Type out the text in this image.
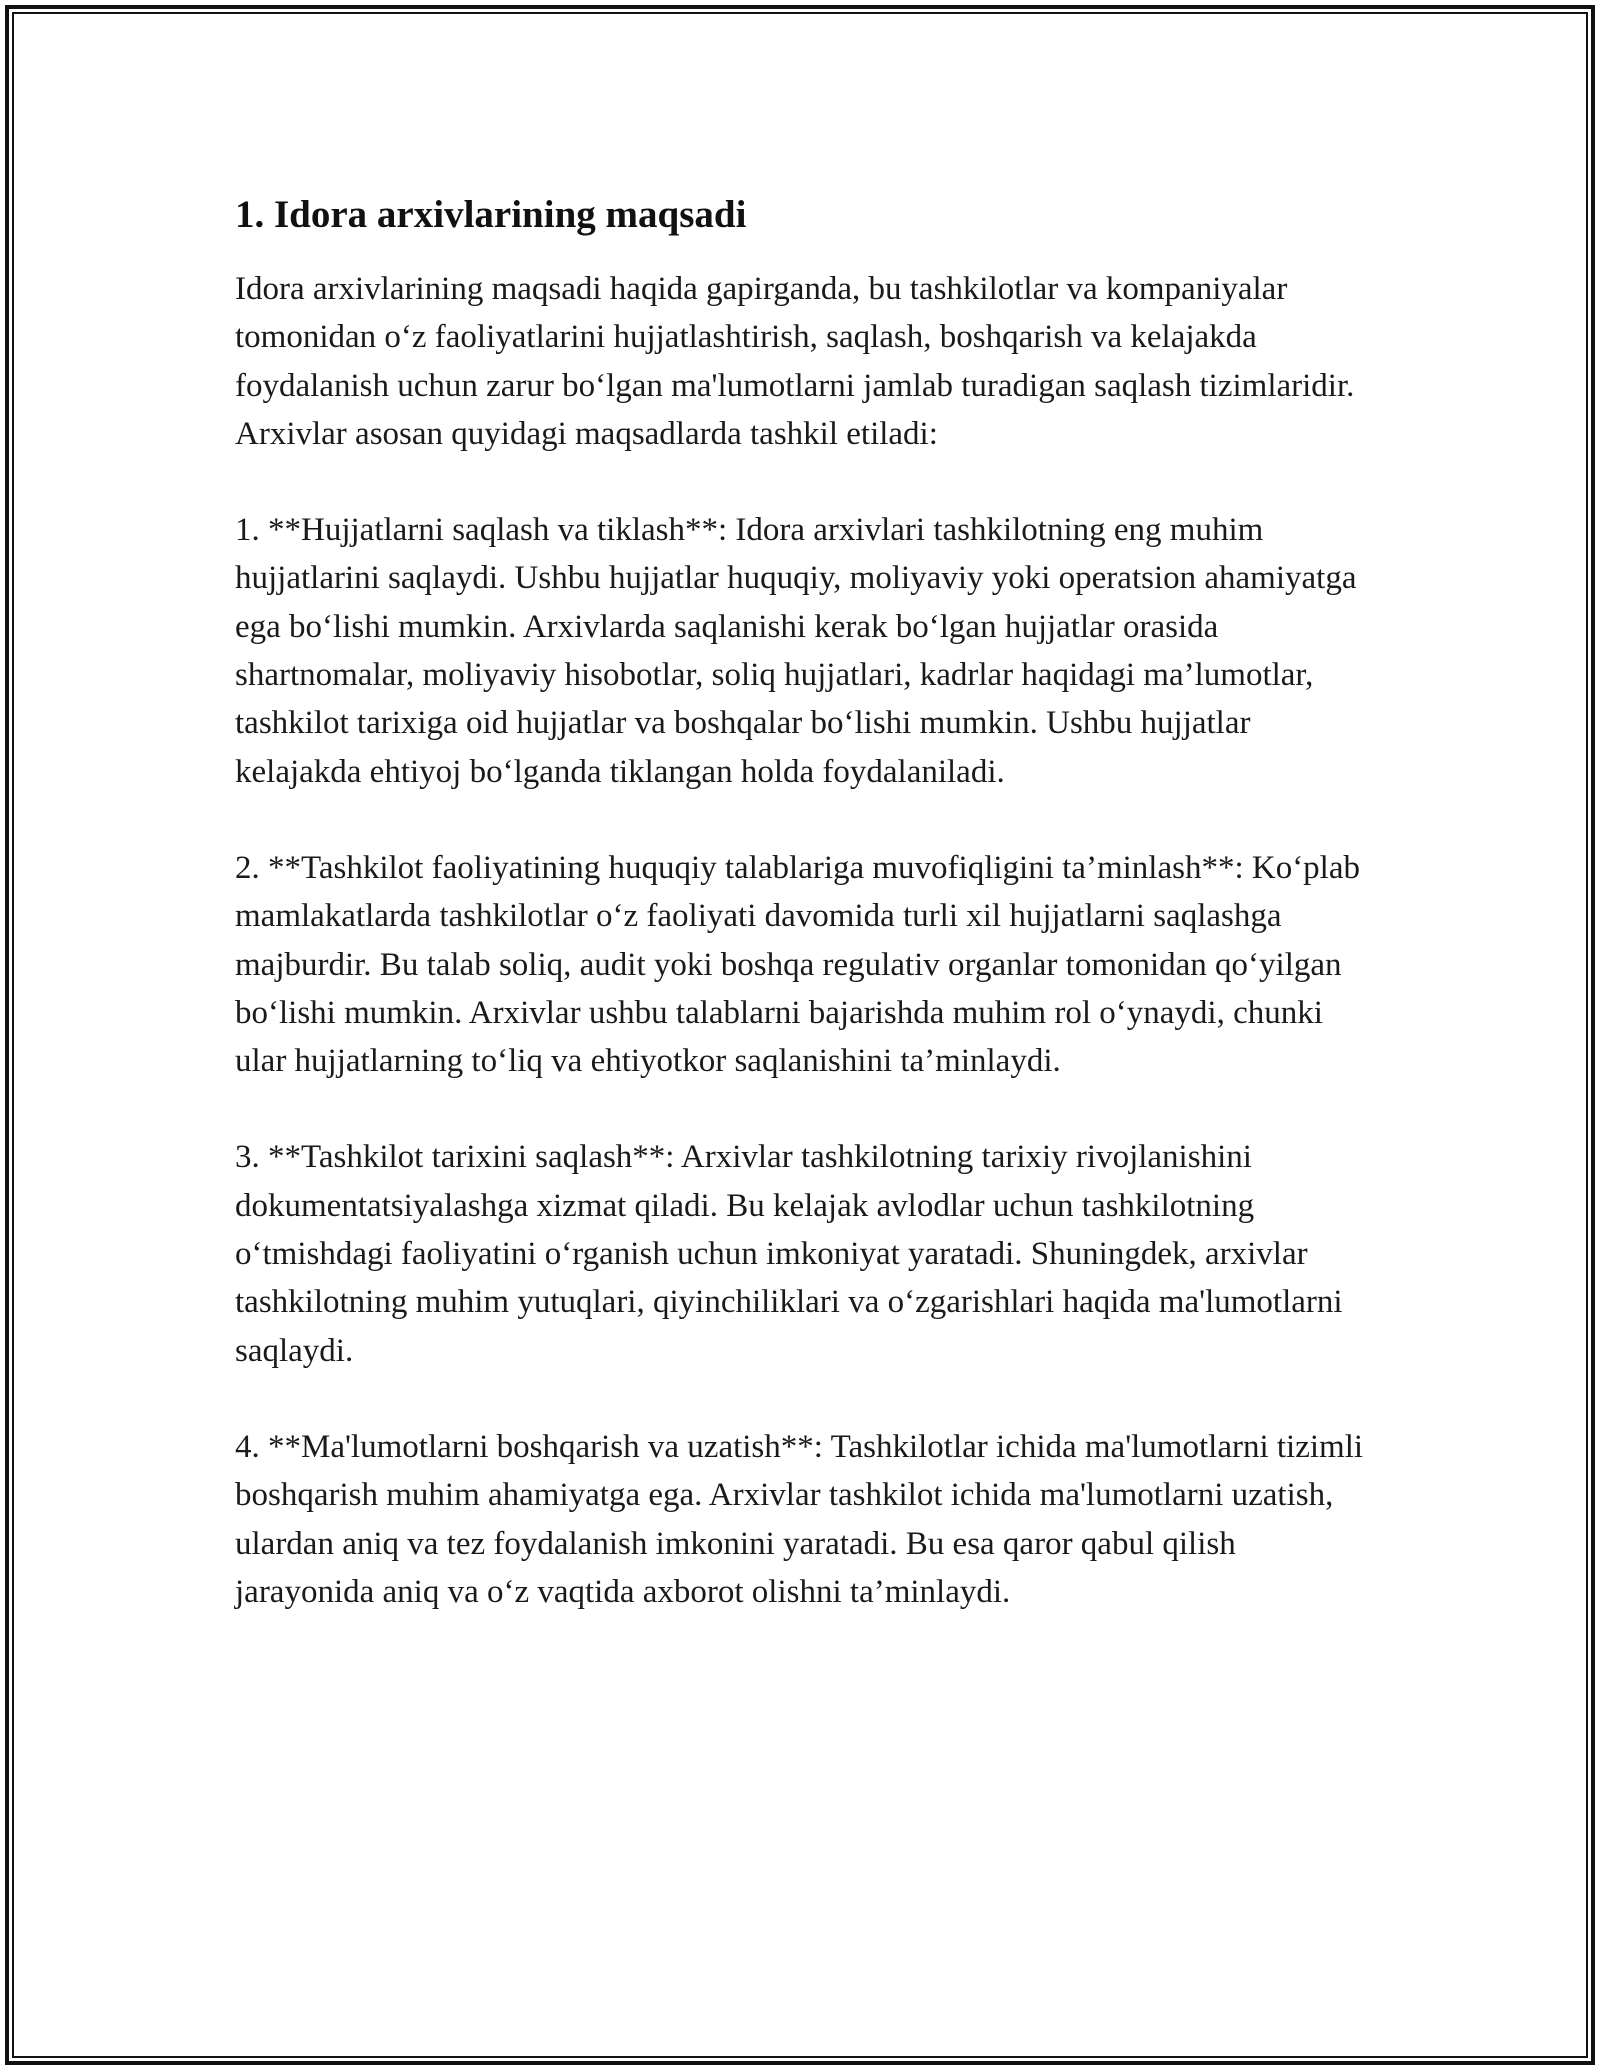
1. Idora arxivlarining maqsadi

Idora arxivlarining maqsadi haqida gapirganda, bu tashkilotlar va kompaniyalar tomonidan o‘z faoliyatlarini hujjatlashtirish, saqlash, boshqarish va kelajakda foydalanish uchun zarur bo‘lgan ma'lumotlarni jamlab turadigan saqlash tizimlaridir. Arxivlar asosan quyidagi maqsadlarda tashkil etiladi:

1. **Hujjatlarni saqlash va tiklash**: Idora arxivlari tashkilotning eng muhim hujjatlarini saqlaydi. Ushbu hujjatlar huquqiy, moliyaviy yoki operatsion ahamiyatga ega bo‘lishi mumkin. Arxivlarda saqlanishi kerak bo‘lgan hujjatlar orasida shartnomalar, moliyaviy hisobotlar, soliq hujjatlari, kadrlar haqidagi ma’lumotlar, tashkilot tarixiga oid hujjatlar va boshqalar bo‘lishi mumkin. Ushbu hujjatlar kelajakda ehtiyoj bo‘lganda tiklangan holda foydalaniladi.

2. **Tashkilot faoliyatining huquqiy talablariga muvofiqligini ta’minlash**: Ko‘plab mamlakatlarda tashkilotlar o‘z faoliyati davomida turli xil hujjatlarni saqlashga majburdir. Bu talab soliq, audit yoki boshqa regulativ organlar tomonidan qo‘yilgan bo‘lishi mumkin. Arxivlar ushbu talablarni bajarishda muhim rol o‘ynaydi, chunki ular hujjatlarning to‘liq va ehtiyotkor saqlanishini ta’minlaydi.

3. **Tashkilot tarixini saqlash**: Arxivlar tashkilotning tarixiy rivojlanishini dokumentatsiyalashga xizmat qiladi. Bu kelajak avlodlar uchun tashkilotning o‘tmishdagi faoliyatini o‘rganish uchun imkoniyat yaratadi. Shuningdek, arxivlar tashkilotning muhim yutuqlari, qiyinchiliklari va o‘zgarishlari haqida ma'lumotlarni saqlaydi.

4. **Ma'lumotlarni boshqarish va uzatish**: Tashkilotlar ichida ma'lumotlarni tizimli boshqarish muhim ahamiyatga ega. Arxivlar tashkilot ichida ma'lumotlarni uzatish, ulardan aniq va tez foydalanish imkonini yaratadi. Bu esa qaror qabul qilish jarayonida aniq va o‘z vaqtida axborot olishni ta’minlaydi.
